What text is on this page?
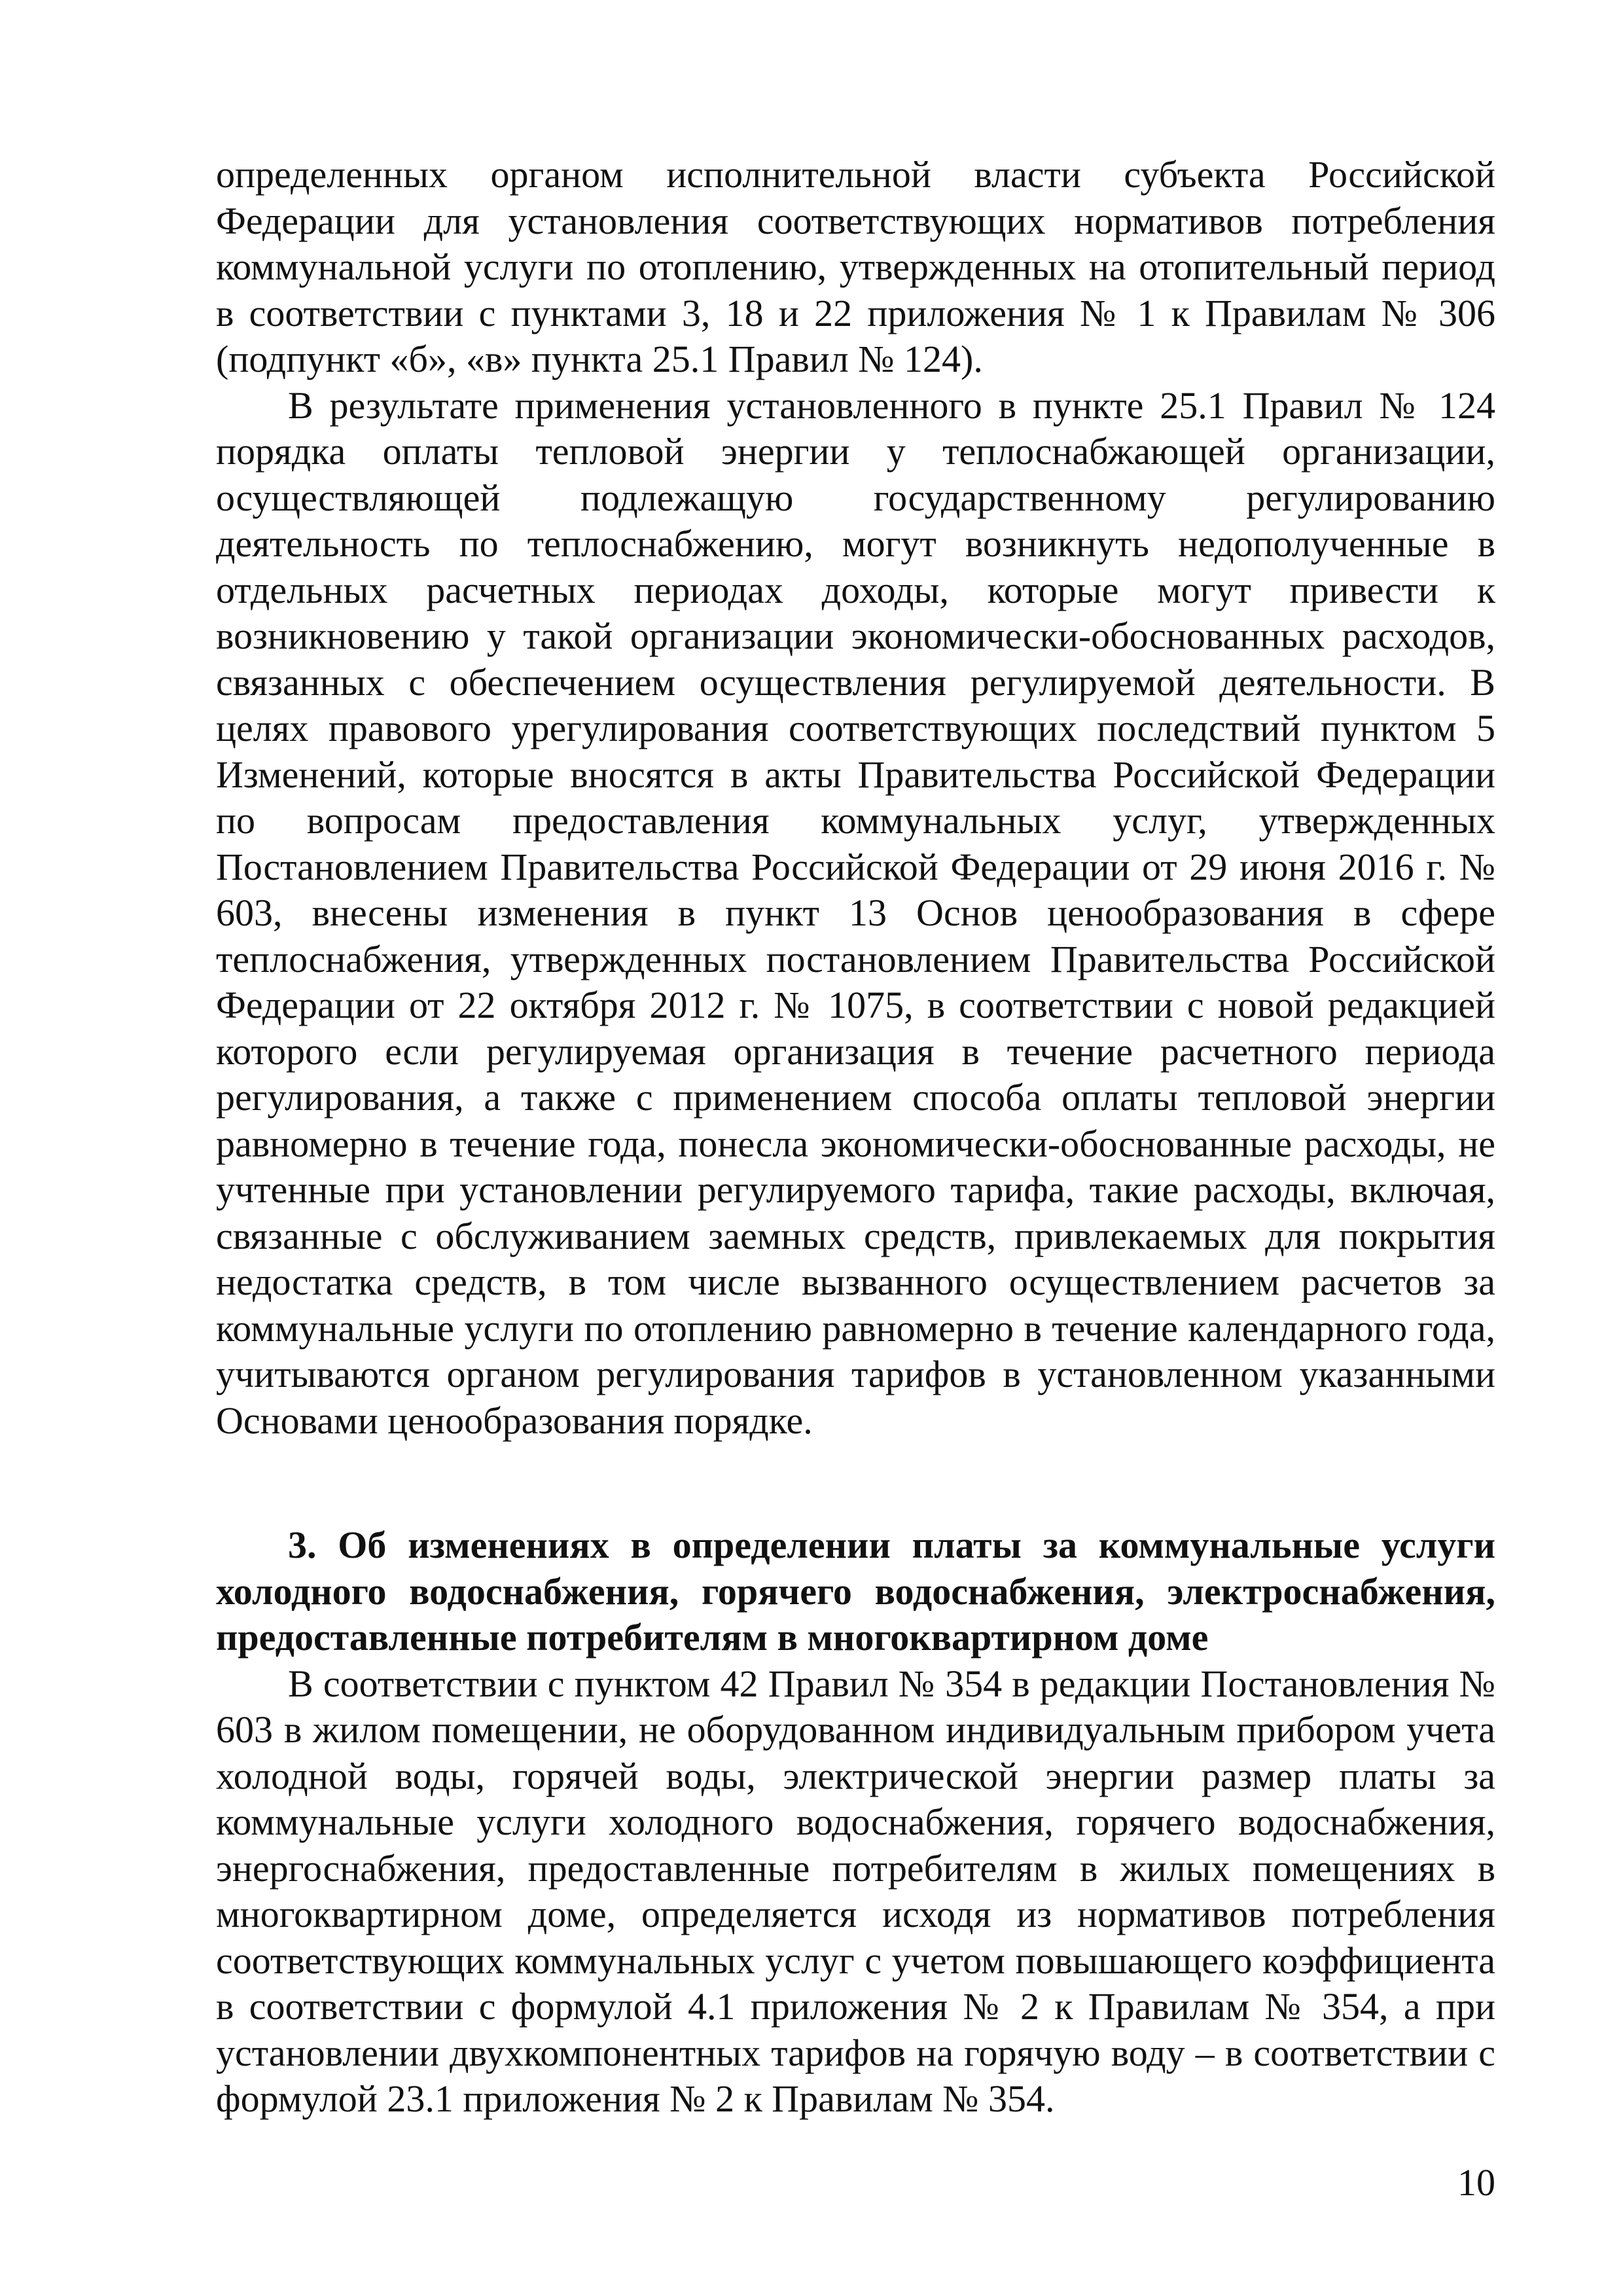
определенных органом исполнительной власти субъекта Российской Федерации для установления соответствующих нормативов потребления коммунальной услуги по отоплению, утвержденных на отопительный период в соответствии с пунктами 3, 18 и 22 приложения № 1 к Правилам № 306 (подпункт «б», «в» пункта 25.1 Правил № 124).

В результате применения установленного в пункте 25.1 Правил № 124 порядка оплаты тепловой энергии у теплоснабжающей организации, осуществляющей подлежащую государственному регулированию деятельность по теплоснабжению, могут возникнуть недополученные в отдельных расчетных периодах доходы, которые могут привести к возникновению у такой организации экономически-обоснованных расходов, связанных с обеспечением осуществления регулируемой деятельности. В целях правового урегулирования соответствующих последствий пунктом 5 Изменений, которые вносятся в акты Правительства Российской Федерации по вопросам предоставления коммунальных услуг, утвержденных Постановлением Правительства Российской Федерации от 29 июня 2016 г. № 603, внесены изменения в пункт 13 Основ ценообразования в сфере теплоснабжения, утвержденных постановлением Правительства Российской Федерации от 22 октября 2012 г. № 1075, в соответствии с новой редакцией которого если регулируемая организация в течение расчетного периода регулирования, а также с применением способа оплаты тепловой энергии равномерно в течение года, понесла экономически-обоснованные расходы, не учтенные при установлении регулируемого тарифа, такие расходы, включая, связанные с обслуживанием заемных средств, привлекаемых для покрытия недостатка средств, в том числе вызванного осуществлением расчетов за коммунальные услуги по отоплению равномерно в течение календарного года, учитываются органом регулирования тарифов в установленном указанными Основами ценообразования порядке.

3. Об изменениях в определении платы за коммунальные услуги холодного водоснабжения, горячего водоснабжения, электроснабжения, предоставленные потребителям в многоквартирном доме

В соответствии с пунктом 42 Правил № 354 в редакции Постановления № 603 в жилом помещении, не оборудованном индивидуальным прибором учета холодной воды, горячей воды, электрической энергии размер платы за коммунальные услуги холодного водоснабжения, горячего водоснабжения, энергоснабжения, предоставленные потребителям в жилых помещениях в многоквартирном доме, определяется исходя из нормативов потребления соответствующих коммунальных услуг с учетом повышающего коэффициента в соответствии с формулой 4.1 приложения № 2 к Правилам № 354, а при установлении двухкомпонентных тарифов на горячую воду – в соответствии с формулой 23.1 приложения № 2 к Правилам № 354.

10
